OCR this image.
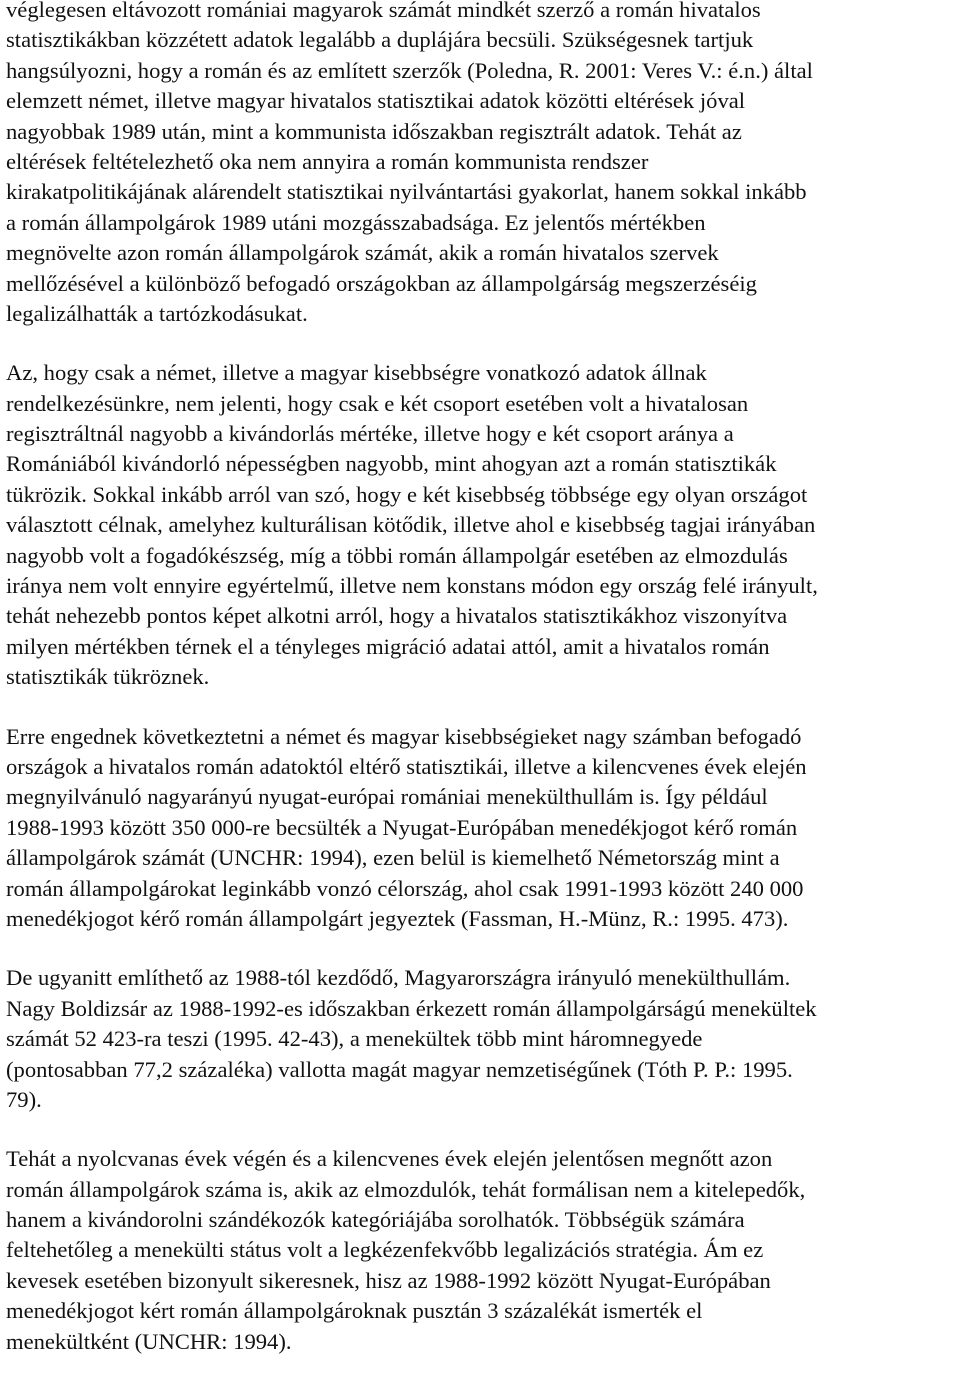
véglegesen eltávozott romániai magyarok számát mindkét szerző a román hivatalos
statisztikákban közzétett adatok legalább a duplájára becsüli. Szükségesnek tartjuk
hangsúlyozni, hogy a román és az említett szerzők (Poledna, R. 2001: Veres V.: é.n.) által
elemzett német, illetve magyar hivatalos statisztikai adatok közötti eltérések jóval
nagyobbak 1989 után, mint a kommunista időszakban regisztrált adatok. Tehát az
eltérések feltételezhető oka nem annyira a román kommunista rendszer
kirakatpolitikájának alárendelt statisztikai nyilvántartási gyakorlat, hanem sokkal inkább
a román állampolgárok 1989 utáni mozgásszabadsága. Ez jelentős mértékben
megnövelte azon román állampolgárok számát, akik a román hivatalos szervek
mellőzésével a különböző befogadó országokban az állampolgárság megszerzéséig
legalizálhatták a tartózkodásukat.
Az, hogy csak a német, illetve a magyar kisebbségre vonatkozó adatok állnak
rendelkezésünkre, nem jelenti, hogy csak e két csoport esetében volt a hivatalosan
regisztráltnál nagyobb a kivándorlás mértéke, illetve hogy e két csoport aránya a
Romániából kivándorló népességben nagyobb, mint ahogyan azt a román statisztikák
tükrözik. Sokkal inkább arról van szó, hogy e két kisebbség többsége egy olyan országot
választott célnak, amelyhez kulturálisan kötődik, illetve ahol e kisebbség tagjai irányában
nagyobb volt a fogadókészség, míg a többi román állampolgár esetében az elmozdulás
iránya nem volt ennyire egyértelmű, illetve nem konstans módon egy ország felé irányult,
tehát nehezebb pontos képet alkotni arról, hogy a hivatalos statisztikákhoz viszonyítva
milyen mértékben térnek el a tényleges migráció adatai attól, amit a hivatalos román
statisztikák tükröznek.
Erre engednek következtetni a német és magyar kisebbségieket nagy számban befogadó
országok a hivatalos román adatoktól eltérő statisztikái, illetve a kilencvenes évek elején
megnyilvánuló nagyarányú nyugat-európai romániai menekülthullám is. Így például
1988-1993 között 350 000-re becsülték a Nyugat-Európában menedékjogot kérő román
állampolgárok számát (UNCHR: 1994), ezen belül is kiemelhető Németország mint a
román állampolgárokat leginkább vonzó célország, ahol csak 1991-1993 között 240 000
menedékjogot kérő román állampolgárt jegyeztek (Fassman, H.-Münz, R.: 1995. 473).
De ugyanitt említhető az 1988-tól kezdődő, Magyarországra irányuló menekülthullám.
Nagy Boldizsár az 1988-1992-es időszakban érkezett román állampolgárságú menekültek
számát 52 423-ra teszi (1995. 42-43), a menekültek több mint háromnegyede
(pontosabban 77,2 százaléka) vallotta magát magyar nemzetiségűnek (Tóth P. P.: 1995.
79).
Tehát a nyolcvanas évek végén és a kilencvenes évek elején jelentősen megnőtt azon
román állampolgárok száma is, akik az elmozdulók, tehát formálisan nem a kitelepedők,
hanem a kivándorolni szándékozók kategóriájába sorolhatók. Többségük számára
feltehetőleg a menekülti státus volt a legkézenfekvőbb legalizációs stratégia. Ám ez
kevesek esetében bizonyult sikeresnek, hisz az 1988-1992 között Nyugat-Európában
menedékjogot kért román állampolgároknak pusztán 3 százalékát ismerték el
menekültként (UNCHR: 1994).
